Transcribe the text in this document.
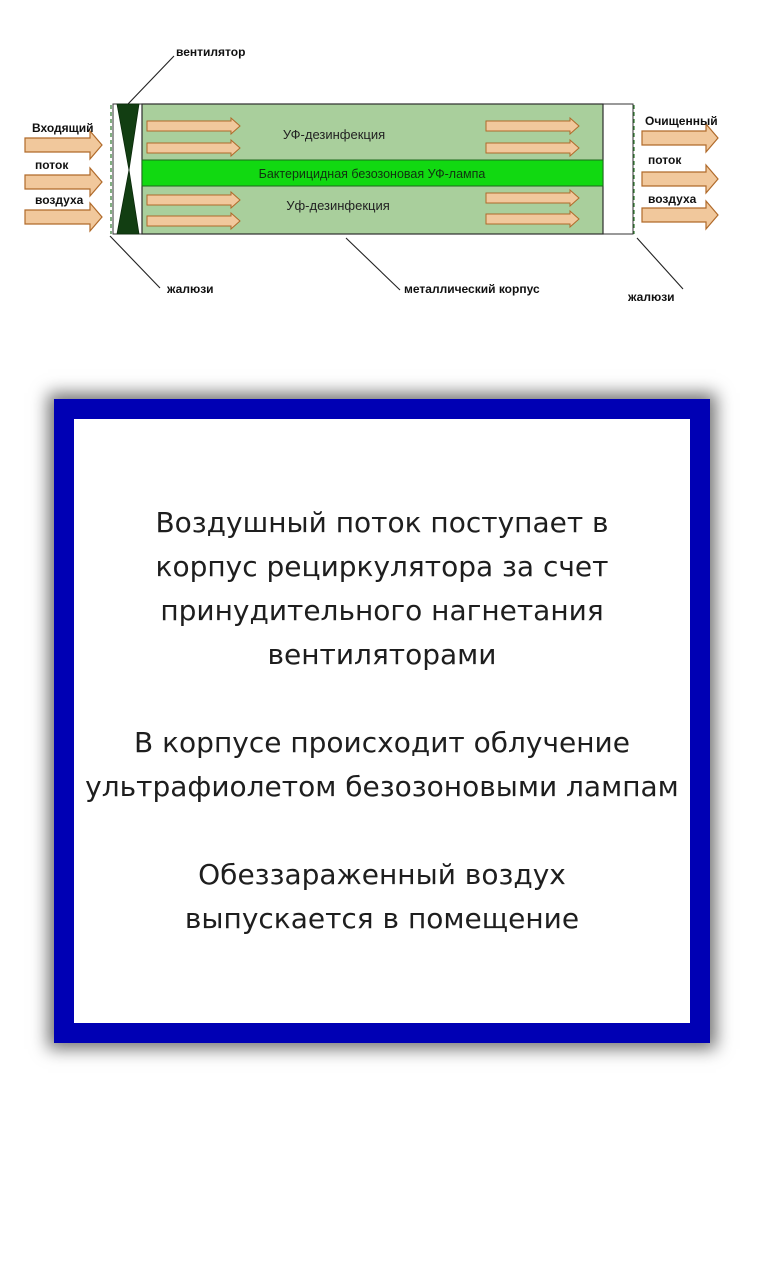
вентилятор
Входящий
поток
воздуха
Очищенный
поток
воздуха
УФ-дезинфекция
Уф-дезинфекция
Бактерицидная безозоновая УФ-лампа
жалюзи	металлический корпус
жалюзи

Воздушный поток поступает в корпус рециркулятора за счет принудительного нагнетания вентиляторами

В корпусе происходит облучение ультрафиолетом безозоновыми лампам

Обеззараженный воздух выпускается в помещение
